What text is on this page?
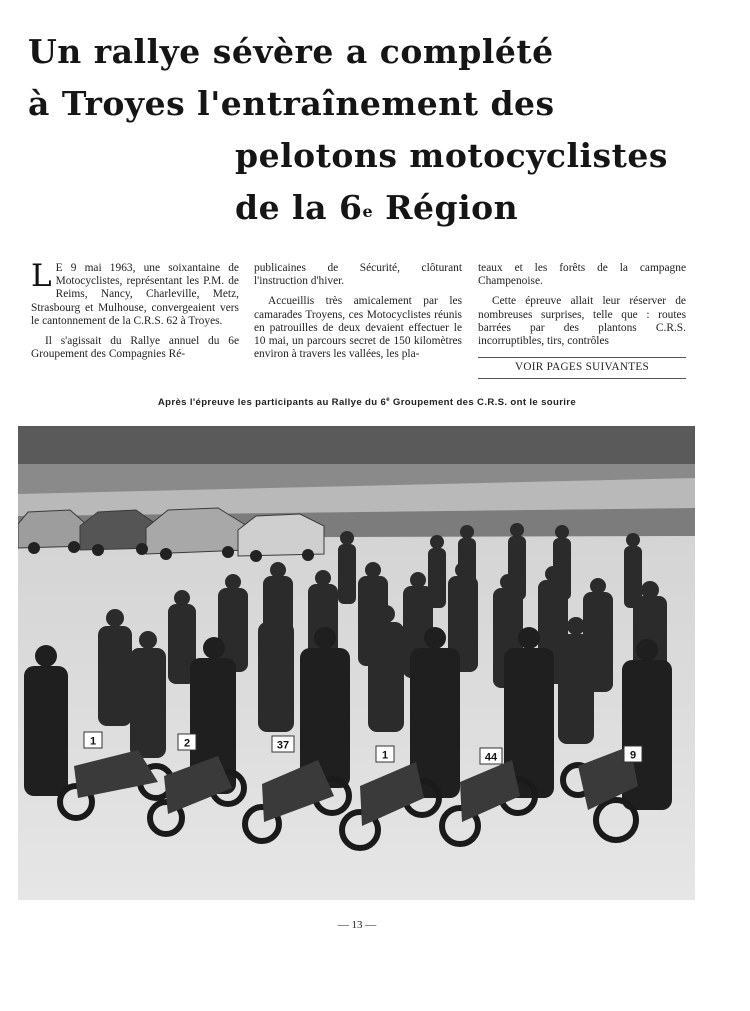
Un rallye sévère a complété
à Troyes l'entraînement des
pelotons motocyclistes
de la 6e Région

L E 9 mai 1963, une soixantaine de Motocyclistes, représentant les P.M. de Reims, Nancy, Charleville, Metz, Strasbourg et Mulhouse, convergeaient vers le cantonnement de la C.R.S. 62 à Troyes.

Il s'agissait du Rallye annuel du 6e Groupement des Compagnies Ré-

publicaines de Sécurité, clôturant l'instruction d'hiver.

Accueillis très amicalement par les camarades Troyens, ces Motocyclistes réunis en patrouilles de deux devaient effectuer le 10 mai, un parcours secret de 150 kilomètres environ à travers les vallées, les pla-

teaux et les forêts de la campagne Champenoise.

Cette épreuve allait leur réserver de nombreuses surprises, telle que : routes barrées par des plantons C.R.S. incorruptibles, tirs, contrôles

VOIR PAGES SUIVANTES
Après l'épreuve les participants au Rallye du 6e Groupement des C.R.S. ont le sourire
1	2	37
1	44	9
— 13 —
